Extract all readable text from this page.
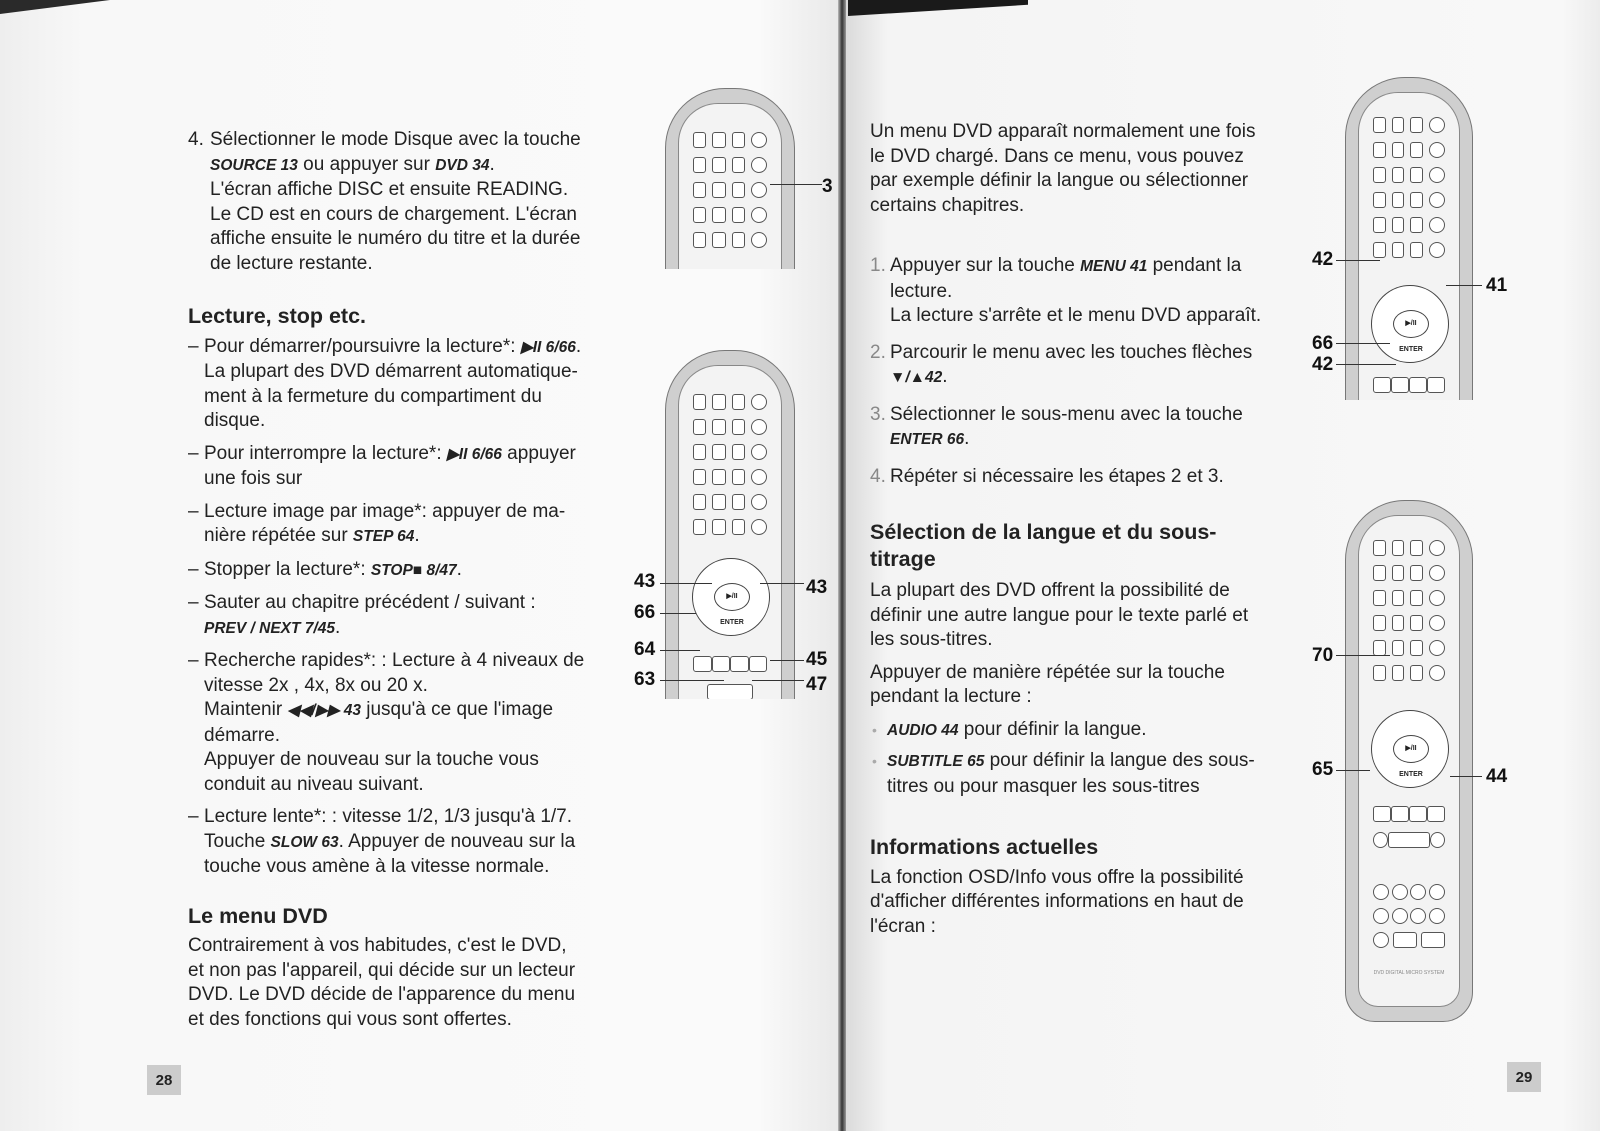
4. Sélectionner le mode Disque avec la touche
SOURCE 13 ou appuyer sur DVD 34.
L'écran affiche DISC et ensuite READING.
Le CD est en cours de chargement. L'écran
affiche ensuite le numéro du titre et la durée
de lecture restante.
Lecture, stop etc.
– Pour démarrer/poursuivre la lecture*: ▶II 6/66.
La plupart des DVD démarrent automatique-
ment à la fermeture du compartiment du
disque.
– Pour interrompre la lecture*: ▶II 6/66 appuyer
une fois sur
– Lecture image par image*: appuyer de ma-
nière répétée sur STEP 64.
– Stopper la lecture*: STOP■ 8/47.
– Sauter au chapitre précédent / suivant :
PREV / NEXT 7/45.
– Recherche rapides*: : Lecture à 4 niveaux de
vitesse 2x , 4x, 8x ou 20 x.
Maintenir ◀◀/▶▶ 43 jusqu'à ce que l'image
démarre.
Appuyer de nouveau sur la touche vous
conduit au niveau suivant.
– Lecture lente*: : vitesse 1/2, 1/3 jusqu'à 1/7.
Touche SLOW 63. Appuyer de nouveau sur la
touche vous amène à la vitesse normale.
Le menu DVD

Contrairement à vos habitudes, c'est le DVD,
et non pas l'appareil, qui décide sur un lecteur
DVD. Le DVD décide de l'apparence du menu
et des fonctions qui vous sont offertes.

28
3
▶/II ENTER
43
66
64
63
43
45
47

Un menu DVD apparaît normalement une fois
le DVD chargé. Dans ce menu, vous pouvez
par exemple définir la langue ou sélectionner
certains chapitres.

1. Appuyer sur la touche MENU 41 pendant la
lecture.
La lecture s'arrête et le menu DVD apparaît.
2. Parcourir le menu avec les touches flèches
▼/▲42.
3. Sélectionner le sous-menu avec la touche
ENTER 66.
4. Répéter si nécessaire les étapes 2 et 3.
Sélection de la langue et du sous-
titrage

La plupart des DVD offrent la possibilité de
définir une autre langue pour le texte parlé et
les sous-titres.

Appuyer de manière répétée sur la touche
pendant la lecture :

• AUDIO 44 pour définir la langue.
• SUBTITLE 65 pour définir la langue des sous-
titres ou pour masquer les sous-titres
Informations actuelles

La fonction OSD/Info vous offre la possibilité
d'afficher différentes informations en haut de
l'écran :

29
▶/II ENTER
42
41
66
42
▶/II ENTER
DVD DIGITAL MICRO SYSTEM
70
65	44
